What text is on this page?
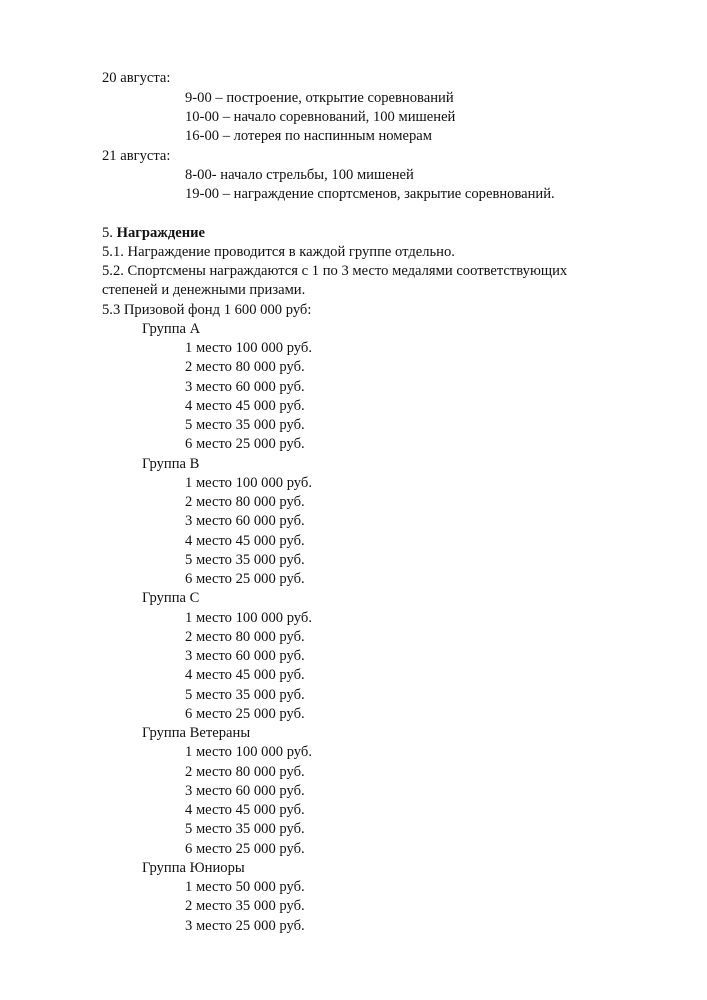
20 августа:
9-00 – построение, открытие соревнований
10-00 – начало соревнований, 100 мишеней
16-00 – лотерея по наспинным номерам
21 августа:
8-00- начало стрельбы, 100 мишеней
19-00 – награждение спортсменов, закрытие соревнований.
5. Награждение
5.1. Награждение проводится в каждой группе отдельно.
5.2. Спортсмены награждаются с 1 по 3 место медалями соответствующих
степеней и денежными призами.
5.3 Призовой фонд 1 600 000 руб:
Группа А
1 место 100 000 руб.
2 место 80 000 руб.
3 место 60 000 руб.
4 место 45 000 руб.
5 место 35 000 руб.
6 место 25 000 руб.
Группа В
1 место 100 000 руб.
2 место 80 000 руб.
3 место 60 000 руб.
4 место 45 000 руб.
5 место 35 000 руб.
6 место 25 000 руб.
Группа С
1 место 100 000 руб.
2 место 80 000 руб.
3 место 60 000 руб.
4 место 45 000 руб.
5 место 35 000 руб.
6 место 25 000 руб.
Группа Ветераны
1 место 100 000 руб.
2 место 80 000 руб.
3 место 60 000 руб.
4 место 45 000 руб.
5 место 35 000 руб.
6 место 25 000 руб.
Группа Юниоры
1 место 50 000 руб.
2 место 35 000 руб.
3 место 25 000 руб.
